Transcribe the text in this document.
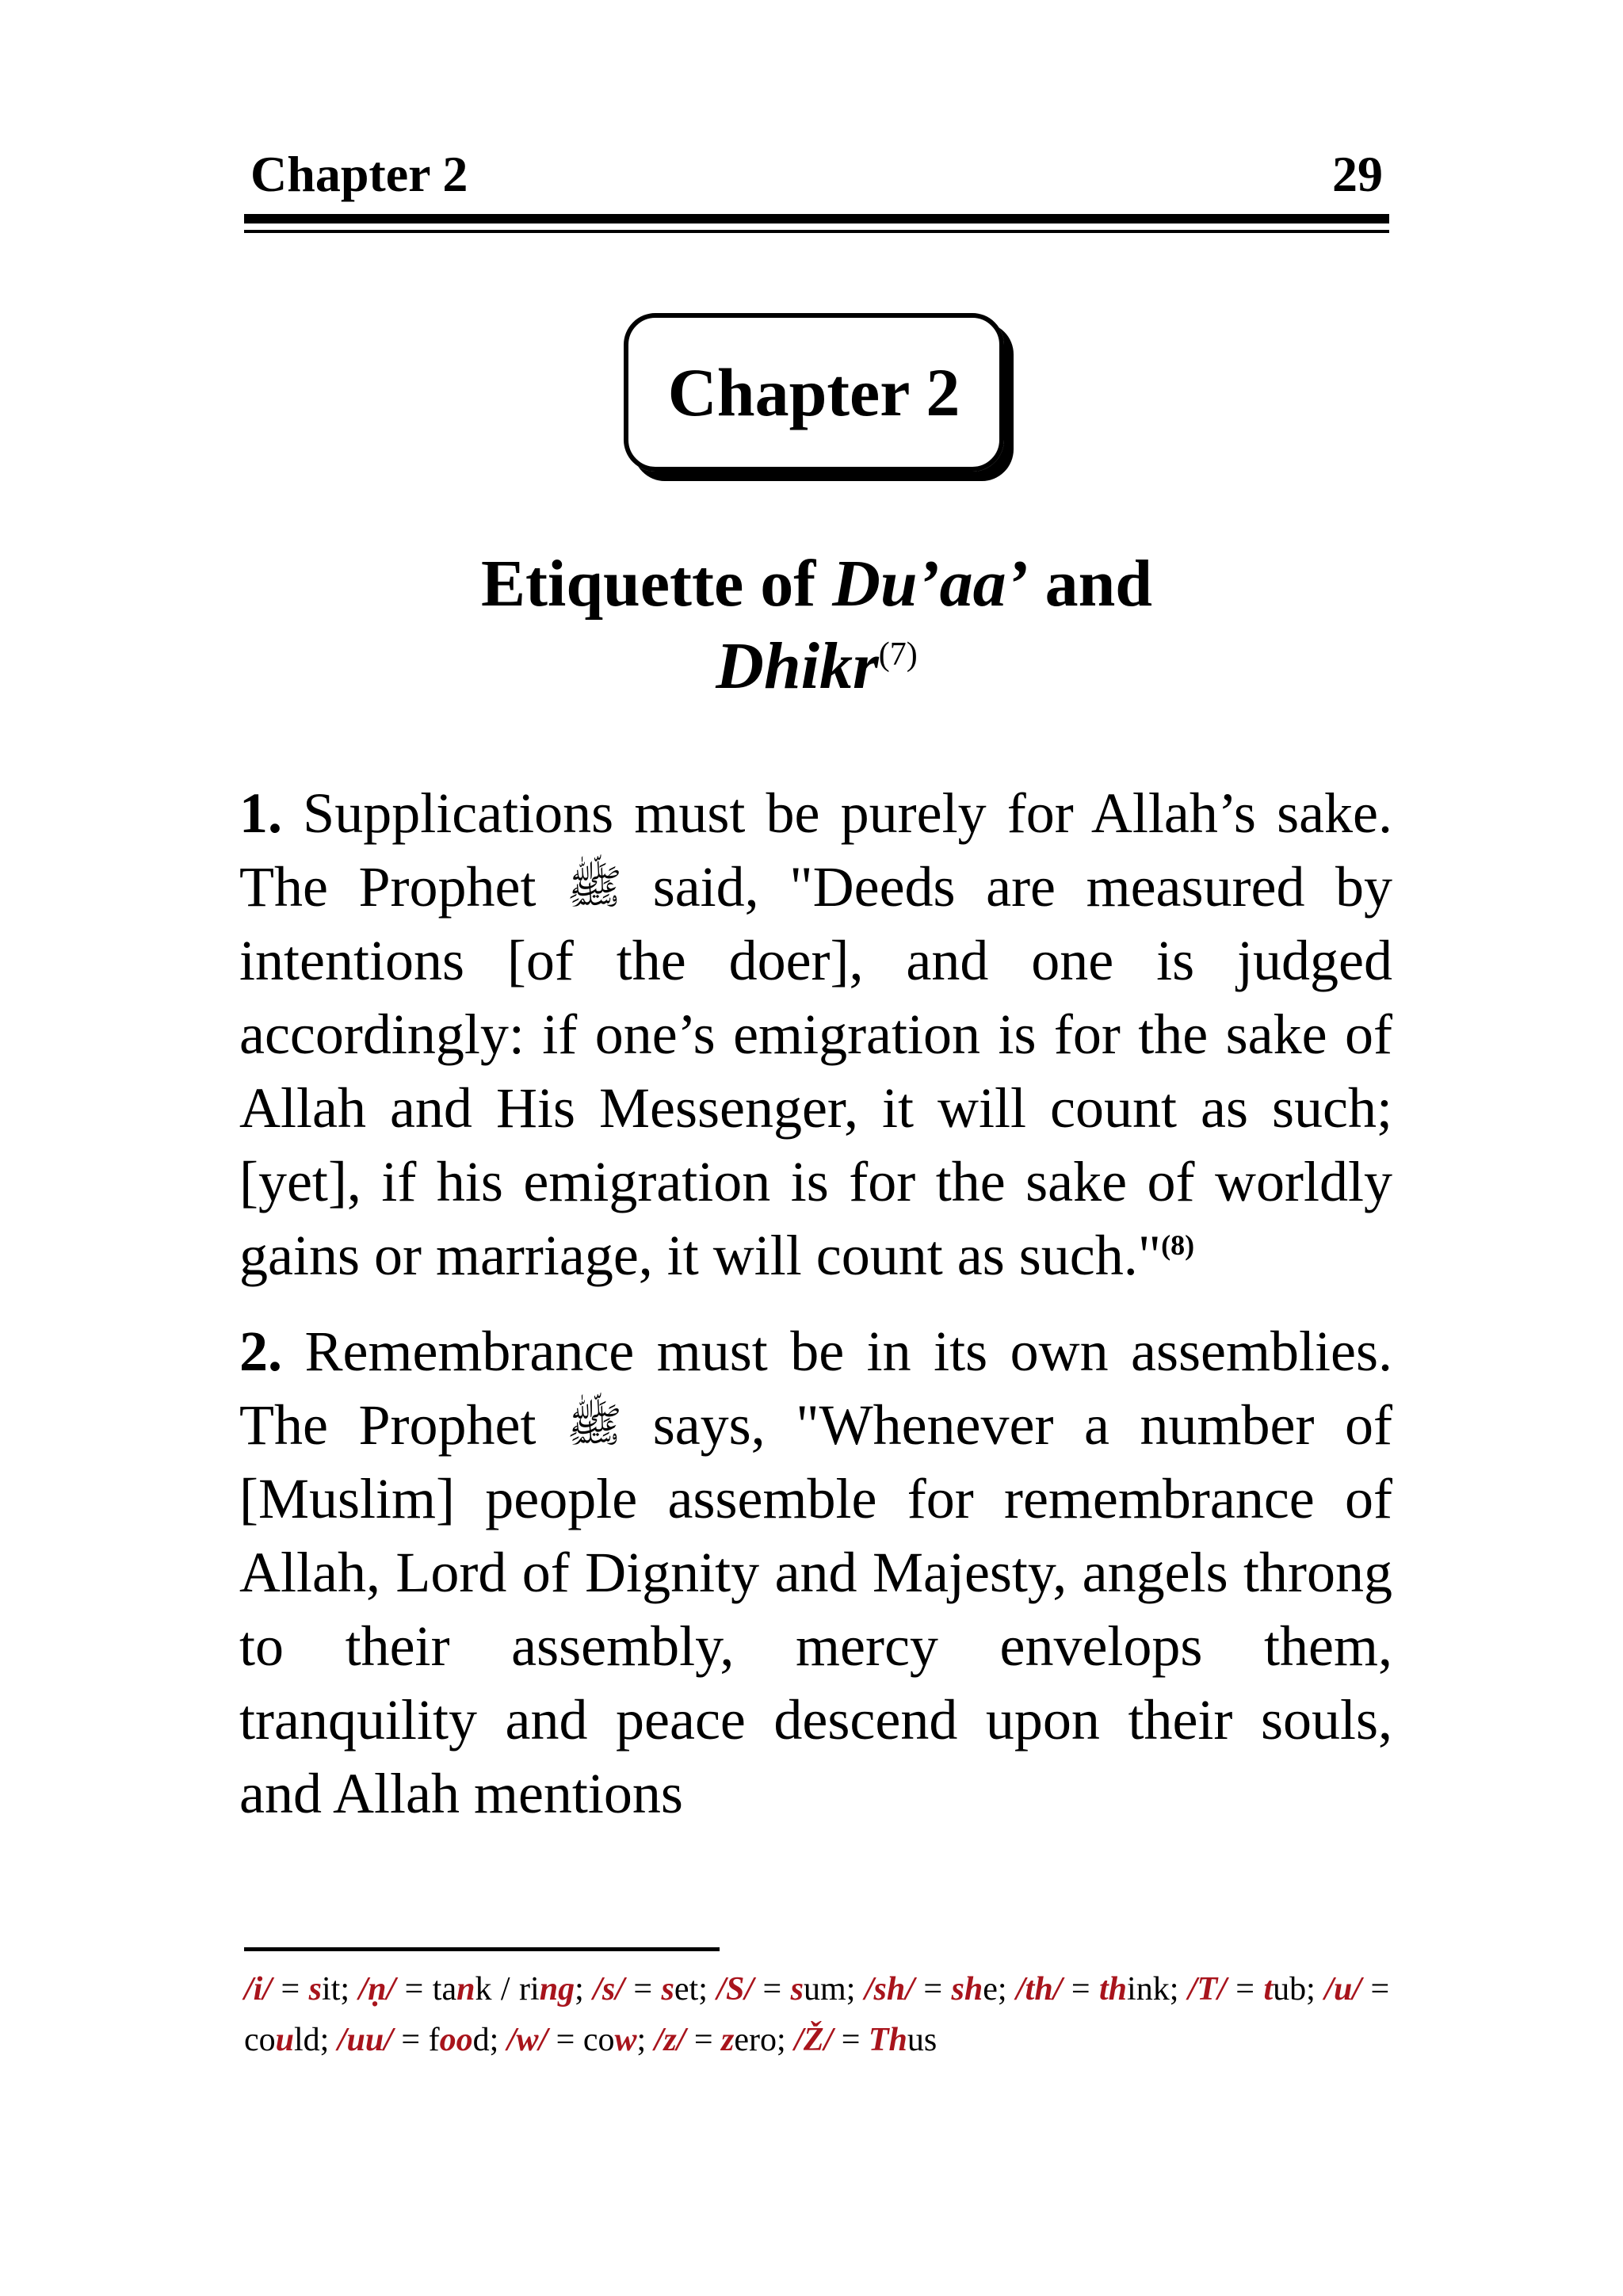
Chapter 2	29
Chapter 2
Etiquette of Du’aa’ and
Dhikr$^{(7)}$

1. Supplications must be purely for Allah’s sake. The Prophet ﷺ said, "Deeds are measured by intentions [of the doer], and one is judged accordingly: if one’s emigration is for the sake of Allah and His Messenger, it will count as such; [yet], if his emigration is for the sake of worldly gains or marriage, it will count as such."$^{(8)}$

2. Remembrance must be in its own assemblies. The Prophet ﷺ says, "Whenever a number of [Muslim] people assemble for remembrance of Allah, Lord of Dignity and Majesty, angels throng to their assembly, mercy envelops them, tranquility and peace descend upon their souls, and Allah mentions

/i/ = sit; /ṇ/ = tank / ring; /s/ = set; /S/ = sum; /sh/ = she; /th/ = think; /T/ = tub; /u/ = could; /uu/ = food; /w/ = cow; /z/ = zero; /Ž/ = Thus
